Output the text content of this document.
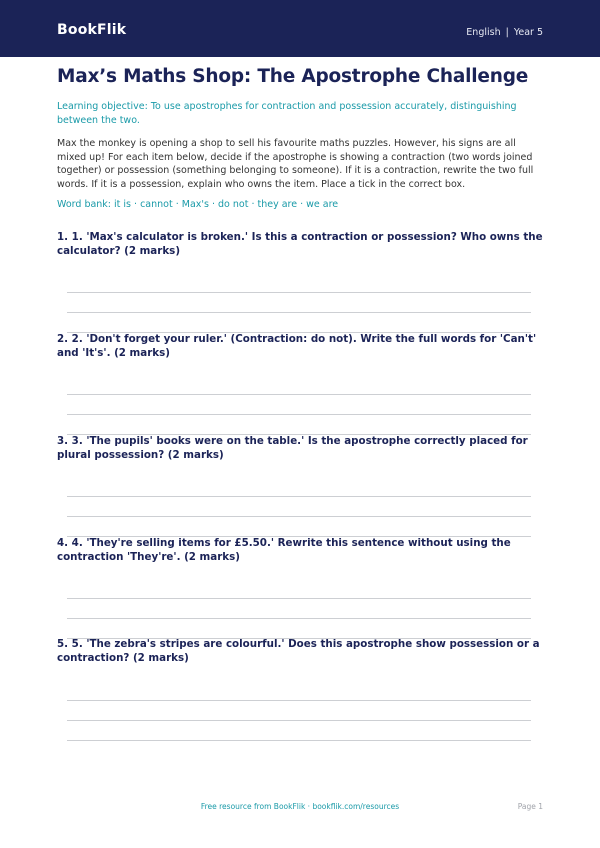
BookFlik	English | Year 5
Max’s Maths Shop: The Apostrophe Challenge

Learning objective: To use apostrophes for contraction and possession accurately, distinguishing between the two.

Max the monkey is opening a shop to sell his favourite maths puzzles. However, his signs are all mixed up! For each item below, decide if the apostrophe is showing a contraction (two words joined together) or possession (something belonging to someone). If it is a contraction, rewrite the two full words. If it is a possession, explain who owns the item. Place a tick in the correct box.

Word bank: it is · cannot · Max's · do not · they are · we are

1. 1. 'Max's calculator is broken.' Is this a contraction or possession? Who owns the calculator? (2 marks)

2. 2. 'Don't forget your ruler.' (Contraction: do not). Write the full words for 'Can't' and 'It's'. (2 marks)

3. 3. 'The pupils' books were on the table.' Is the apostrophe correctly placed for plural possession? (2 marks)

4. 4. 'They're selling items for £5.50.' Rewrite this sentence without using the contraction 'They're'. (2 marks)

5. 5. 'The zebra's stripes are colourful.' Does this apostrophe show possession or a contraction? (2 marks)

Free resource from BookFlik · bookflik.com/resources	Page 1
